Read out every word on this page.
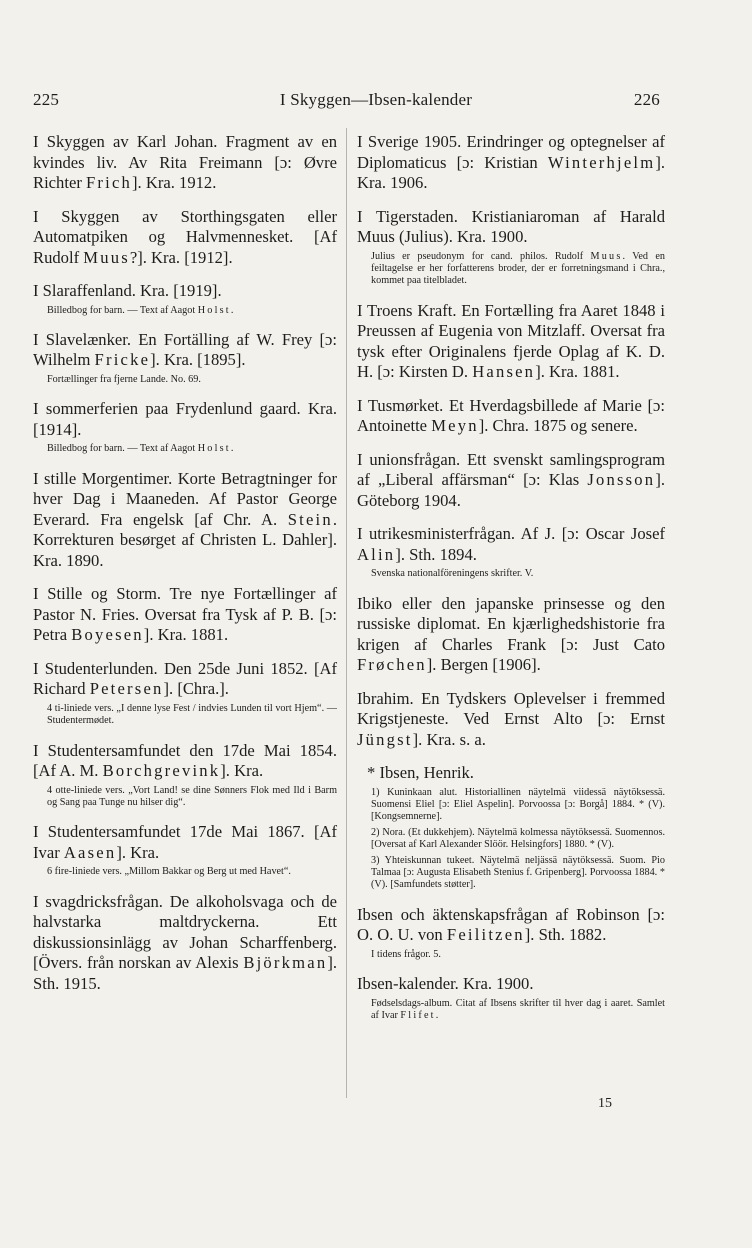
225	I Skyggen—Ibsen-kalender	226
I Skyggen av Karl Johan. Fragment av en kvindes liv. Av Rita Freimann [ɔ: Øvre Richter Frich]. Kra. 1912.
I Skyggen av Storthingsgaten eller Automatpiken og Halvmennesket. [Af Rudolf Muus?]. Kra. [1912].
I Slaraffenland. Kra. [1919].
Billedbog for barn. — Text af Aagot Holst.
I Slavelænker. En Fortälling af W. Frey [ɔ: Wilhelm Fricke]. Kra. [1895].
Fortællinger fra fjerne Lande. No. 69.
I sommerferien paa Frydenlund gaard. Kra. [1914].
Billedbog for barn. — Text af Aagot Holst.
I stille Morgentimer. Korte Betragtninger for hver Dag i Maaneden. Af Pastor George Everard. Fra engelsk [af Chr. A. Stein. Korrekturen besørget af Christen L. Dahler]. Kra. 1890.
I Stille og Storm. Tre nye Fortællinger af Pastor N. Fries. Oversat fra Tysk af P. B. [ɔ: Petra Boyesen]. Kra. 1881.
I Studenterlunden. Den 25de Juni 1852. [Af Richard Petersen]. [Chra.].
4 ti-liniede vers. „I denne lyse Fest / indvies Lunden til vort Hjem“. — Studentermødet.
I Studentersamfundet den 17de Mai 1854. [Af A. M. Borchgrevink]. Kra.
4 otte-liniede vers. „Vort Land! se dine Sønners Flok med Ild i Barm og Sang paa Tunge nu hilser dig“.
I Studentersamfundet 17de Mai 1867. [Af Ivar Aasen]. Kra.
6 fire-liniede vers. „Millom Bakkar og Berg ut med Havet“.
I svagdricksfrågan. De alkoholsvaga och de halvstarka maltdryckerna. Ett diskussionsinlägg av Johan Scharffenberg. [Övers. från norskan av Alexis Björkman]. Sth. 1915.
I Sverige 1905. Erindringer og optegnelser af Diplomaticus [ɔ: Kristian Winterhjelm]. Kra. 1906.
I Tigerstaden. Kristianiaroman af Harald Muus (Julius). Kra. 1900.
Julius er pseudonym for cand. philos. Rudolf Muus. Ved en feiltagelse er her forfatterens broder, der er forretningsmand i Chra., kommet paa titelbladet.
I Troens Kraft. En Fortælling fra Aaret 1848 i Preussen af Eugenia von Mitzlaff. Oversat fra tysk efter Originalens fjerde Oplag af K. D. H. [ɔ: Kirsten D. Hansen]. Kra. 1881.
I Tusmørket. Et Hverdagsbillede af Marie [ɔ: Antoinette Meyn]. Chra. 1875 og senere.
I unionsfrågan. Ett svenskt samlingsprogram af „Liberal affärsman“ [ɔ: Klas Jonsson]. Göteborg 1904.
I utrikesministerfrågan. Af J. [ɔ: Oscar Josef Alin]. Sth. 1894.
Svenska nationalföreningens skrifter. V.
Ibiko eller den japanske prinsesse og den russiske diplomat. En kjærlighedshistorie fra krigen af Charles Frank [ɔ: Just Cato Frøchen]. Bergen [1906].
Ibrahim. En Tydskers Oplevelser i fremmed Krigstjeneste. Ved Ernst Alto [ɔ: Ernst Jüngst]. Kra. s. a.
* Ibsen, Henrik.
1) Kuninkaan alut. Historiallinen näytelmä viidessä näytöksessä. Suomensi Eliel [ɔ: Eliel Aspelin]. Porvoossa [ɔ: Borgå] 1884. * (V). [Kongsemnerne].
2) Nora. (Et dukkehjem). Näytelmä kolmessa näytöksessä. Suomennos. [Oversat af Karl Alexander Slöör. Helsingfors] 1880. * (V).
3) Yhteiskunnan tukeet. Näytelmä neljässä näytöksessä. Suom. Pio Talmaa [ɔ: Augusta Elisabeth Stenius f. Gripenberg]. Porvoossa 1884. * (V). [Samfundets støtter].
Ibsen och äktenskapsfrågan af Robinson [ɔ: O. O. U. von Feilitzen]. Sth. 1882.
I tidens frågor. 5.
Ibsen-kalender. Kra. 1900.
Fødselsdags-album. Citat af Ibsens skrifter til hver dag i aaret. Samlet af Ivar Flifet.
15
